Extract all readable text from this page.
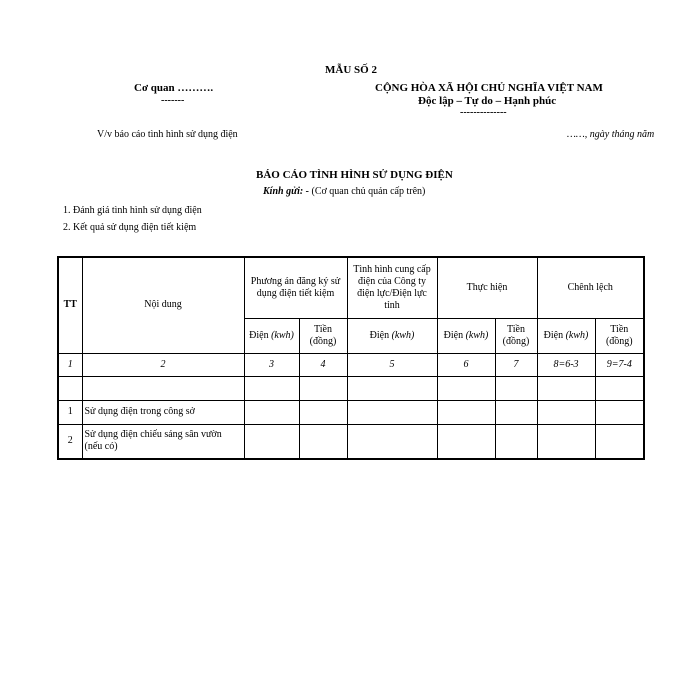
MẪU SỐ 2
Cơ quan ……….
-------
CỘNG HÒA XÃ HỘI CHỦ NGHĨA VIỆT NAM
Độc lập – Tự do – Hạnh phúc
--------------
V/v báo cáo tình hình sử dụng điện	……, ngày tháng năm
BÁO CÁO TÌNH HÌNH SỬ DỤNG ĐIỆN
Kính gửi: - (Cơ quan chủ quản cấp trên)
1. Đánh giá tình hình sử dụng điện
2. Kết quả sử dụng điện tiết kiệm
TT	Nội dung	Phương án đăng ký sử dụng điện tiết kiệm		Tình hình cung cấp điện của Công ty điện lực/Điện lực tỉnh	Thực hiện		Chênh lệch	
		Điện (kwh)	Tiền (đồng)	Điện (kwh)	Điện (kwh)	Tiền (đồng)	Điện (kwh)	Tiền (đồng)
1	2	3	4	5	6	7	8=6-3	9=7-4

1	Sử dụng điện trong công sở							
2	Sử dụng điện chiếu sáng sân vườn (nếu có)							
